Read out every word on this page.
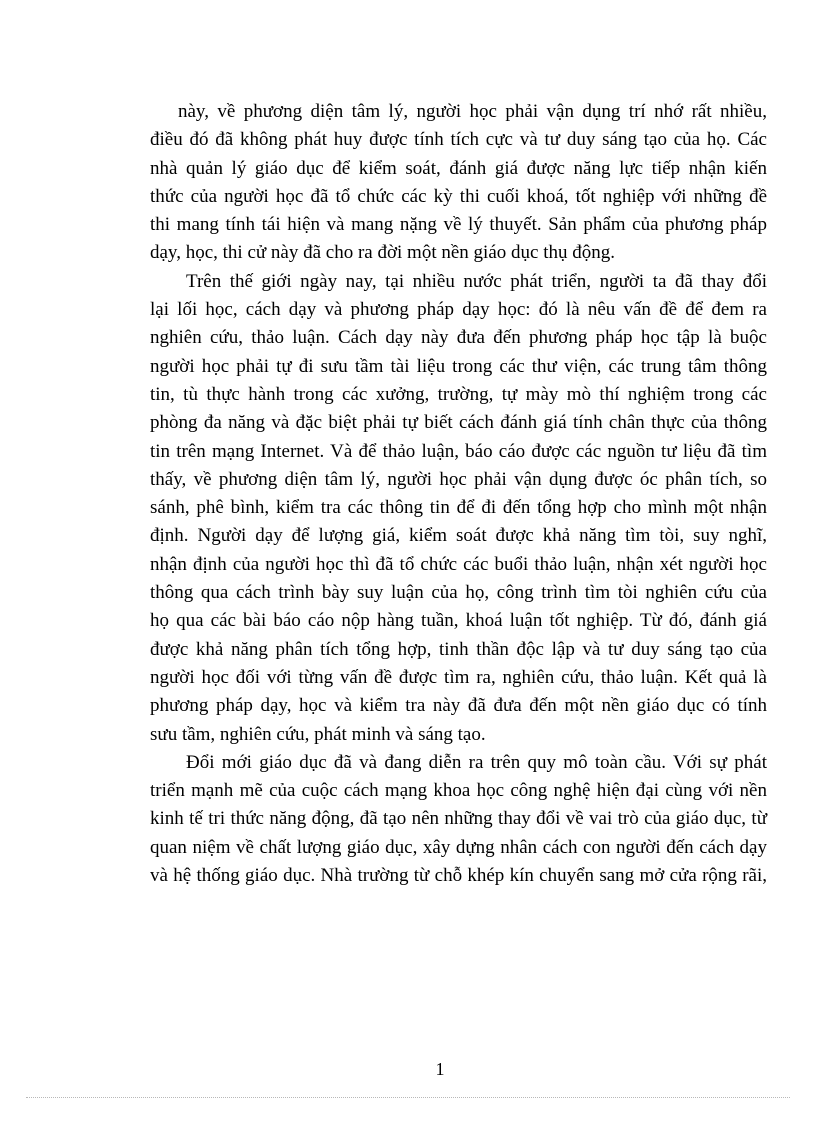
này, về phương diện tâm lý, người học phải vận dụng trí nhớ rất nhiều,
điều đó đã không phát huy được tính tích cực và tư duy sáng tạo của họ. Các
nhà quản lý giáo dục để kiểm soát, đánh giá được năng lực tiếp nhận kiến
thức của người học đã tổ chức các kỳ thi cuối khoá, tốt nghiệp với những đề
thi mang tính tái hiện và mang nặng về lý thuyết. Sản phẩm của phương pháp
dạy, học, thi cử này đã cho ra đời một nền giáo dục thụ động.
Trên thế giới ngày nay, tại nhiều nước phát triển, người ta đã thay đổi
lại lối học, cách dạy và phương pháp dạy học: đó là nêu vấn đề để đem ra
nghiên cứu, thảo luận. Cách dạy này đưa đến phương pháp học tập là buộc
người học phải tự đi sưu tầm tài liệu trong các thư viện, các trung tâm thông
tin, tù thực hành trong các xưởng, trường, tự mày mò thí nghiệm trong các
phòng đa năng và đặc biệt phải tự biết cách đánh giá tính chân thực của thông
tin trên mạng Internet. Và để thảo luận, báo cáo được các nguồn tư liệu đã tìm
thấy, về phương diện tâm lý, người học phải vận dụng được óc phân tích, so
sánh, phê bình, kiểm tra các thông tin để đi đến tổng hợp cho mình một nhận
định. Người dạy để lượng giá, kiểm soát được khả năng tìm tòi, suy nghĩ,
nhận định của người học thì đã tổ chức các buổi thảo luận, nhận xét người học
thông qua cách trình bày suy luận của họ, công trình tìm tòi nghiên cứu của
họ qua các bài báo cáo nộp hàng tuần, khoá luận tốt nghiệp. Từ đó, đánh giá
được khả năng phân tích tổng hợp, tinh thần độc lập và tư duy sáng tạo của
người học đối với từng vấn đề được tìm ra, nghiên cứu, thảo luận. Kết quả là
phương pháp dạy, học và kiểm tra này đã đưa đến một nền giáo dục có tính
sưu tầm, nghiên cứu, phát minh và sáng tạo.
Đổi mới giáo dục đã và đang diễn ra trên quy mô toàn cầu. Với sự phát
triển mạnh mẽ của cuộc cách mạng khoa học công nghệ hiện đại cùng với nền
kinh tế tri thức năng động, đã tạo nên những thay đổi về vai trò của giáo dục, từ
quan niệm về chất lượng giáo dục, xây dựng nhân cách con người đến cách dạy
và hệ thống giáo dục. Nhà trường từ chỗ khép kín chuyển sang mở cửa rộng rãi,
1
